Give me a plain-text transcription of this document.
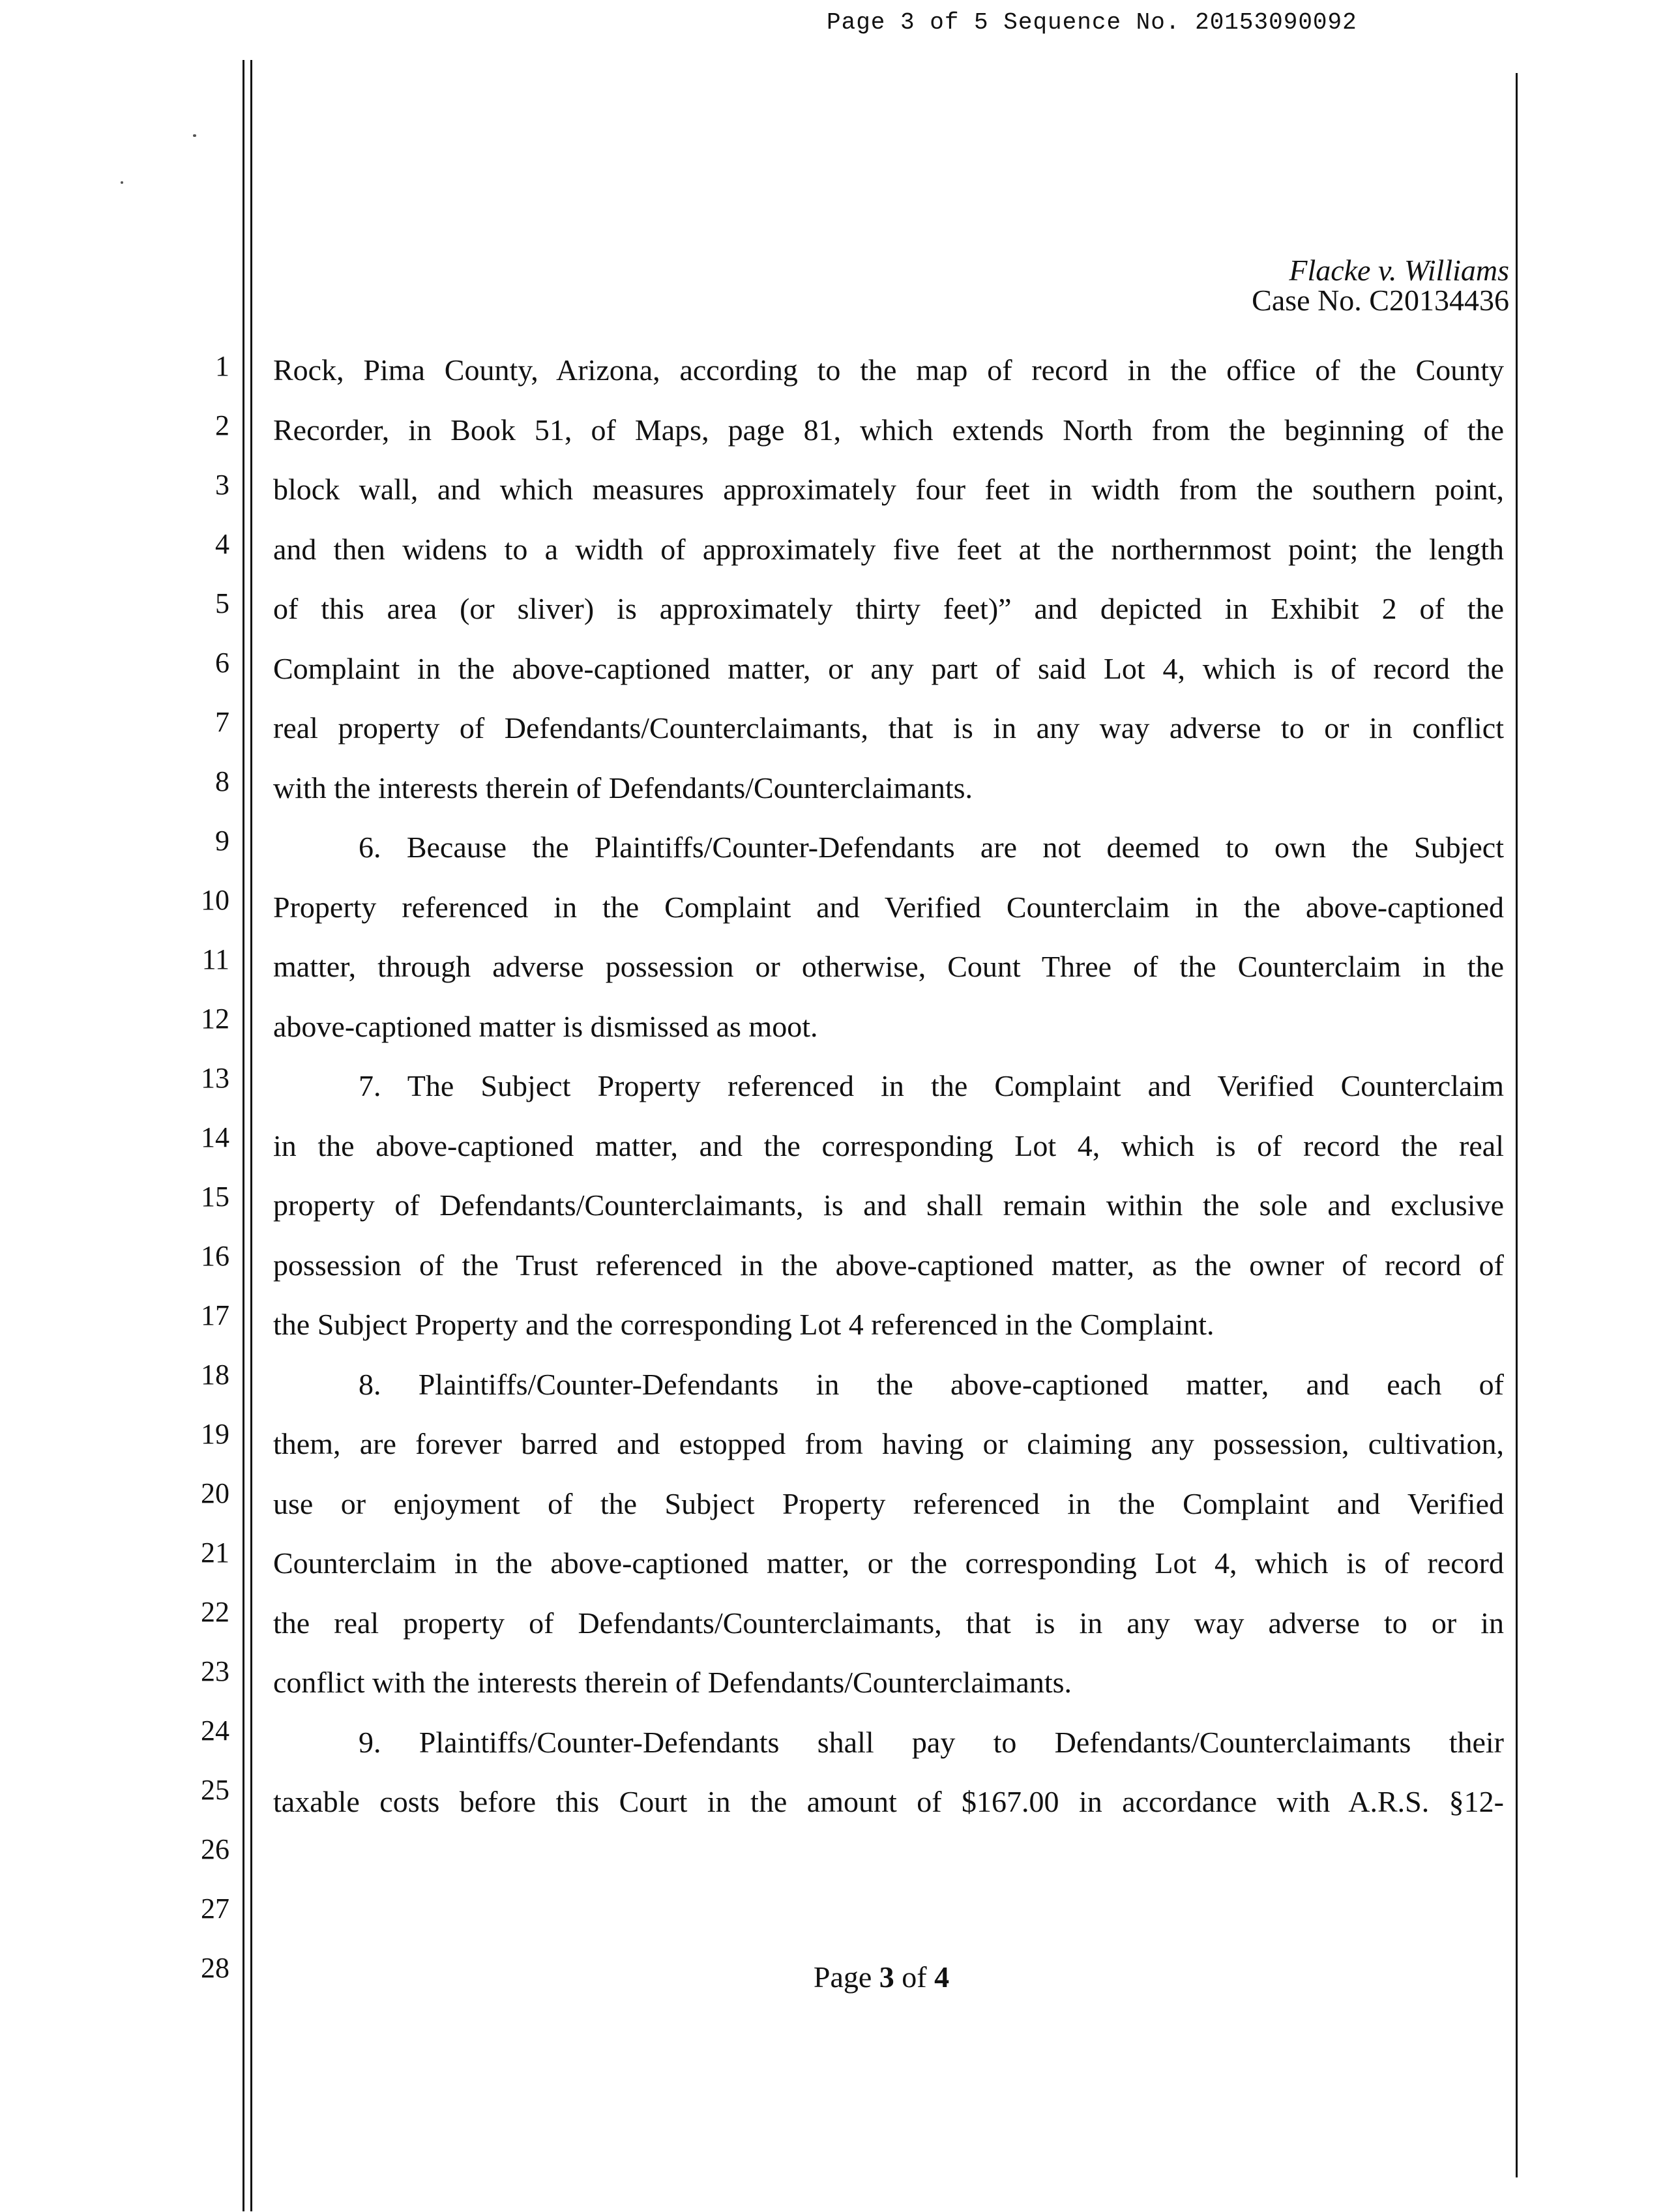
Page 3 of 5 Sequence No. 20153090092
Flacke v. Williams
Case No. C20134436
1
2
3
4
5
6
7
8
9
10
11
12
13
14
15
16
17
18
19
20
21
22
23
24
25
26
27
28
Rock, Pima County, Arizona, according to the map of record in the office of the County
Recorder, in Book 51, of Maps, page 81, which extends North from the beginning of the
block wall, and which measures approximately four feet in width from the southern point,
and then widens to a width of approximately five feet at the northernmost point; the length
of this area (or sliver) is approximately thirty feet)” and depicted in Exhibit 2 of the
Complaint in the above-captioned matter, or any part of said Lot 4, which is of record the
real property of Defendants/Counterclaimants, that is in any way adverse to or in conflict
with the interests therein of Defendants/Counterclaimants.
6. Because the Plaintiffs/Counter-Defendants are not deemed to own the Subject
Property referenced in the Complaint and Verified Counterclaim in the above-captioned
matter, through adverse possession or otherwise, Count Three of the Counterclaim in the
above-captioned matter is dismissed as moot.
7. The Subject Property referenced in the Complaint and Verified Counterclaim
in the above-captioned matter, and the corresponding Lot 4, which is of record the real
property of Defendants/Counterclaimants, is and shall remain within the sole and exclusive
possession of the Trust referenced in the above-captioned matter, as the owner of record of
the Subject Property and the corresponding Lot 4 referenced in the Complaint.
8. Plaintiffs/Counter-Defendants in the above-captioned matter, and each of
them, are forever barred and estopped from having or claiming any possession, cultivation,
use or enjoyment of the Subject Property referenced in the Complaint and Verified
Counterclaim in the above-captioned matter, or the corresponding Lot 4, which is of record
the real property of Defendants/Counterclaimants, that is in any way adverse to or in
conflict with the interests therein of Defendants/Counterclaimants.
9. Plaintiffs/Counter-Defendants shall pay to Defendants/Counterclaimants their
taxable costs before this Court in the amount of $167.00 in accordance with A.R.S. §12-
Page 3 of 4
